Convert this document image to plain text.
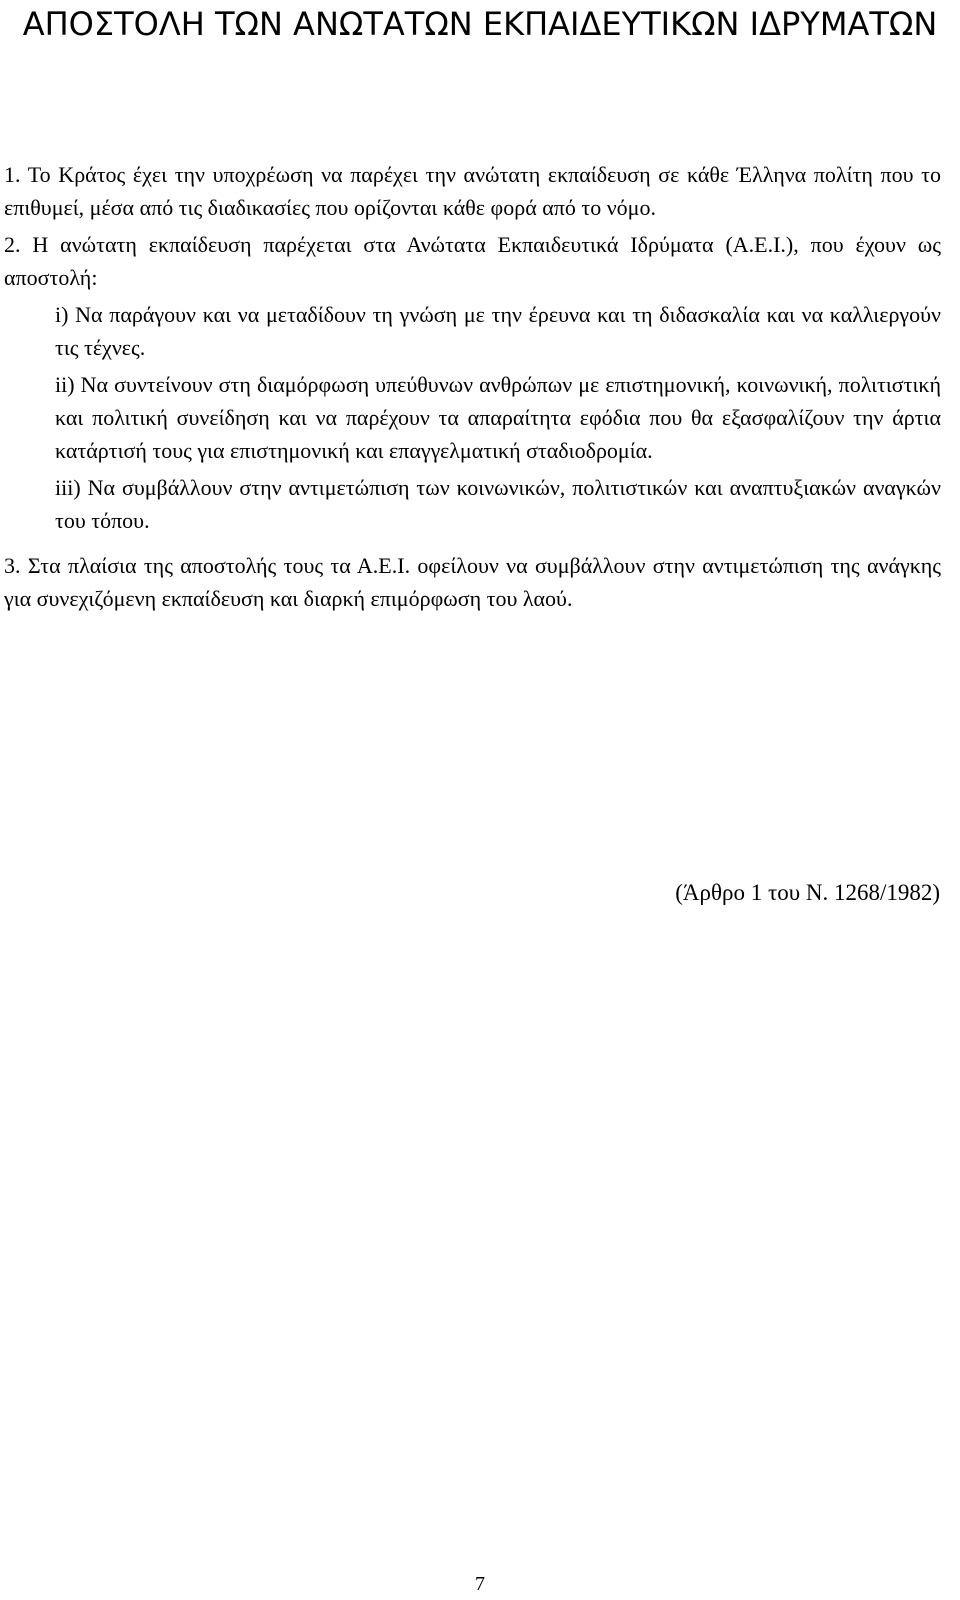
ΑΠΟΣΤΟΛΗ ΤΩΝ ΑΝΩΤΑΤΩΝ ΕΚΠΑΙΔΕΥΤΙΚΩΝ ΙΔΡΥΜΑΤΩΝ

1. Το Κράτος έχει την υποχρέωση να παρέχει την ανώτατη εκπαίδευση σε κάθε Έλληνα πολίτη που το επιθυμεί, μέσα από τις διαδικασίες που ορίζονται κάθε φορά από το νόμο.

2. Η ανώτατη εκπαίδευση παρέχεται στα Ανώτατα Εκπαιδευτικά Ιδρύματα (Α.Ε.Ι.), που έχουν ως αποστολή:

i) Να παράγουν και να μεταδίδουν τη γνώση με την έρευνα και τη διδασκαλία και να καλλιεργούν τις τέχνες.

ii) Να συντείνουν στη διαμόρφωση υπεύθυνων ανθρώπων με επιστημονική, κοινωνική, πολιτιστική και πολιτική συνείδηση και να παρέχουν τα απαραίτητα εφόδια που θα εξασφαλίζουν την άρτια κατάρτισή τους για επιστημονική και επαγγελματική σταδιοδρομία.

iii) Να συμβάλλουν στην αντιμετώπιση των κοινωνικών, πολιτιστικών και αναπτυξιακών αναγκών του τόπου.

3. Στα πλαίσια της αποστολής τους τα Α.Ε.Ι. οφείλουν να συμβάλλουν στην αντιμετώπιση της ανάγκης για συνεχιζόμενη εκπαίδευση και διαρκή επιμόρφωση του λαού.

(Άρθρο 1 του Ν. 1268/1982)
7
